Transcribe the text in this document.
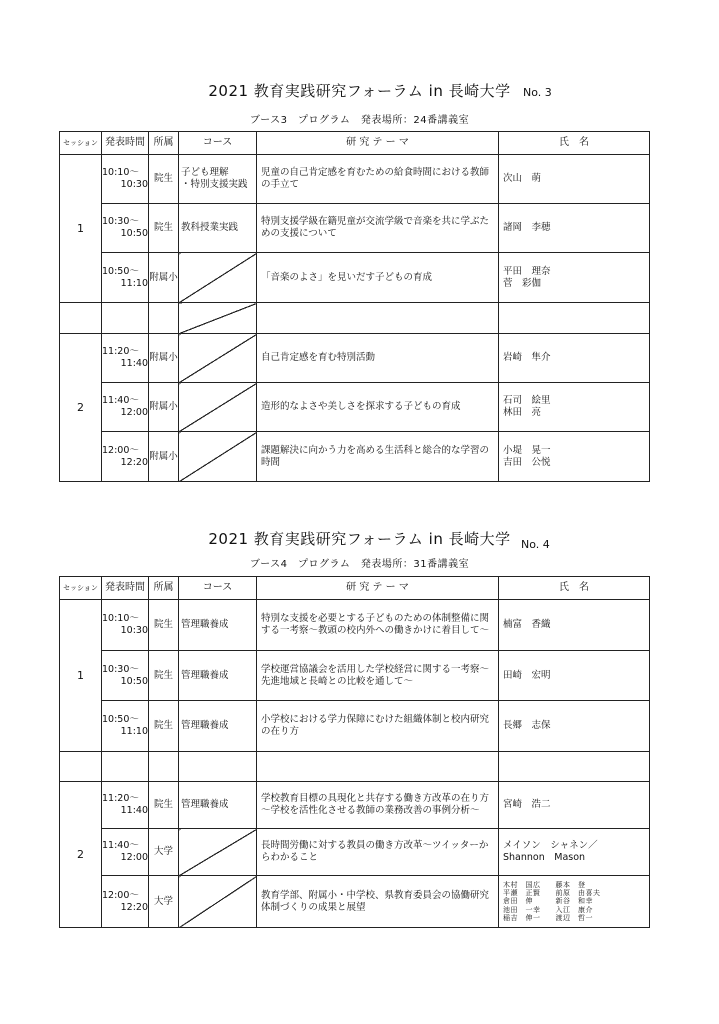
2021 教育実践研究フォーラム in 長崎大学	No. 3
ブース3　プログラム　発表場所：24番講義室
セッション	発表時間	所属	コース	研 究 テ ー マ	氏　名
1	10:10～
10:30	院生	子ども理解
・特別支援実践	児童の自己肯定感を育むための給食時間における教師の手立て	次山　萌

	10:30～
10:50	院生	教科授業実践	特別支援学級在籍児童が交流学級で音楽を共に学ぶための支援について	諸岡　李穂

	10:50～
11:10	附属小		「音楽のよさ」を見いだす子どもの育成	平田　理奈
菅　彩伽

2	11:20～
11:40	附属小		自己肯定感を育む特別活動	岩崎　隼介

	11:40～
12:00	附属小		造形的なよさや美しさを探求する子どもの育成	石司　絵里
林田　亮

	12:00～
12:20	附属小		課題解決に向かう力を高める生活科と総合的な学習の時間	小堤　晃一
吉田　公悦
2021 教育実践研究フォーラム in 長崎大学 No. 4
ブース4　プログラム　発表場所：31番講義室
セッション	発表時間	所属	コース	研 究 テ ー マ	氏　名
1	10:10～
10:30	院生	管理職養成	特別な支援を必要とする子どものための体制整備に関する一考察～教頭の校内外への働きかけに着目して～	楠富　香織

	10:30～
10:50	院生	管理職養成	学校運営協議会を活用した学校経営に関する一考察～先進地域と長崎との比較を通して～	田崎　宏明

	10:50～
11:10	院生	管理職養成	小学校における学力保障にむけた組織体制と校内研究の在り方	長郷　志保

2	11:20～
11:40	院生	管理職養成	学校教育目標の具現化と共存する働き方改革の在り方～学校を活性化させる教師の業務改善の事例分析～	宮崎　浩二

	11:40～
12:00	大学		長時間労働に対する教員の働き方改革～ツイッターからわかること	メイソン　シャネン／
Shannon　Mason

	12:00～
12:20	大学		教育学部、附属小・中学校、県教育委員会の協働研究体制づくりの成果と展望	木村　国広　　藤本　登
平瀬　正賢　　前原　由喜夫
倉田　伸　　　新谷　和幸
池田　一幸　　入江　康介
稲吉　伸一　　渡辺　哲一
